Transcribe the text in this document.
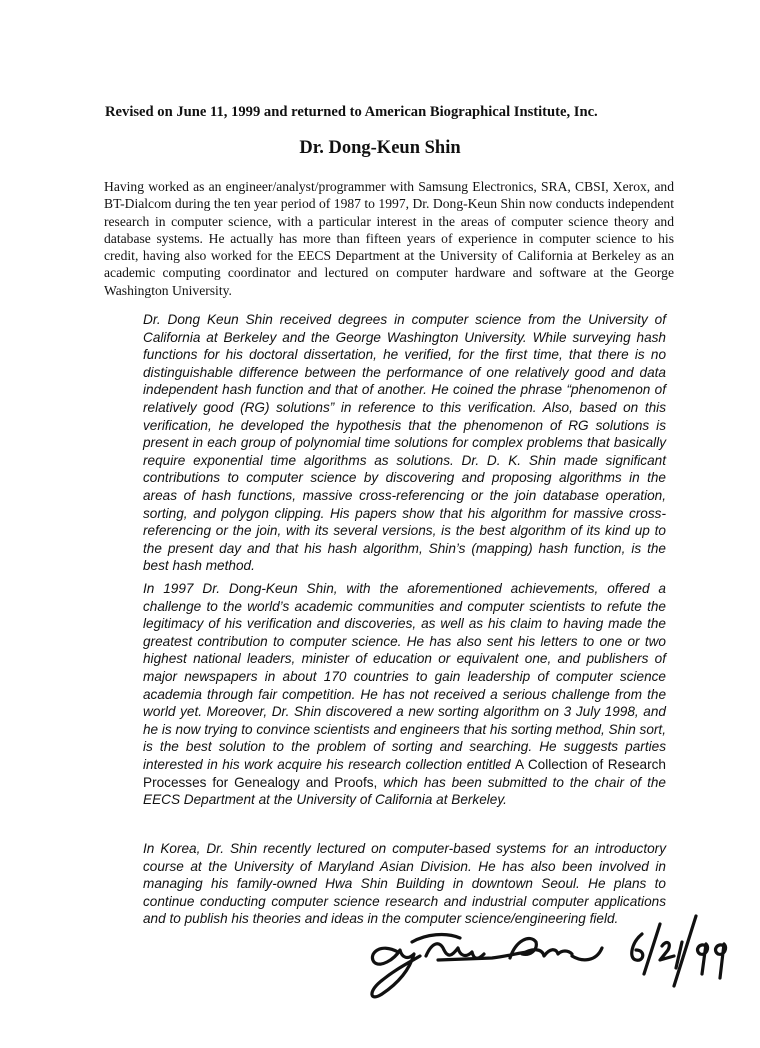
Revised on June 11, 1999 and returned to American Biographical Institute, Inc.
Dr. Dong-Keun Shin
Having worked as an engineer/analyst/programmer with Samsung Electronics, SRA, CBSI, Xerox, and BT-Dialcom during the ten year period of 1987 to 1997, Dr. Dong-Keun Shin now conducts independent research in computer science, with a particular interest in the areas of computer science theory and database systems. He actually has more than fifteen years of experience in computer science to his credit, having also worked for the EECS Department at the University of California at Berkeley as an academic computing coordinator and lectured on computer hardware and software at the George Washington University.
Dr. Dong Keun Shin received degrees in computer science from the University of California at Berkeley and the George Washington University. While surveying hash functions for his doctoral dissertation, he verified, for the first time, that there is no distinguishable difference between the performance of one relatively good and data independent hash function and that of another. He coined the phrase “phenomenon of relatively good (RG) solutions” in reference to this verification. Also, based on this verification, he developed the hypothesis that the phenomenon of RG solutions is present in each group of polynomial time solutions for complex problems that basically require exponential time algorithms as solutions. Dr. D. K. Shin made significant contributions to computer science by discovering and proposing algorithms in the areas of hash functions, massive cross-referencing or the join database operation, sorting, and polygon clipping. His papers show that his algorithm for massive cross-referencing or the join, with its several versions, is the best algorithm of its kind up to the present day and that his hash algorithm, Shin’s (mapping) hash function, is the best hash method.
In 1997 Dr. Dong-Keun Shin, with the aforementioned achievements, offered a challenge to the world’s academic communities and computer scientists to refute the legitimacy of his verification and discoveries, as well as his claim to having made the greatest contribution to computer science. He has also sent his letters to one or two highest national leaders, minister of education or equivalent one, and publishers of major newspapers in about 170 countries to gain leadership of computer science academia through fair competition. He has not received a serious challenge from the world yet. Moreover, Dr. Shin discovered a new sorting algorithm on 3 July 1998, and he is now trying to convince scientists and engineers that his sorting method, Shin sort, is the best solution to the problem of sorting and searching. He suggests parties interested in his work acquire his research collection entitled A Collection of Research Processes for Genealogy and Proofs, which has been submitted to the chair of the EECS Department at the University of California at Berkeley.
In Korea, Dr. Shin recently lectured on computer-based systems for an introductory course at the University of Maryland Asian Division. He has also been involved in managing his family-owned Hwa Shin Building in downtown Seoul. He plans to continue conducting computer science research and industrial computer applications and to publish his theories and ideas in the computer science/engineering field.
